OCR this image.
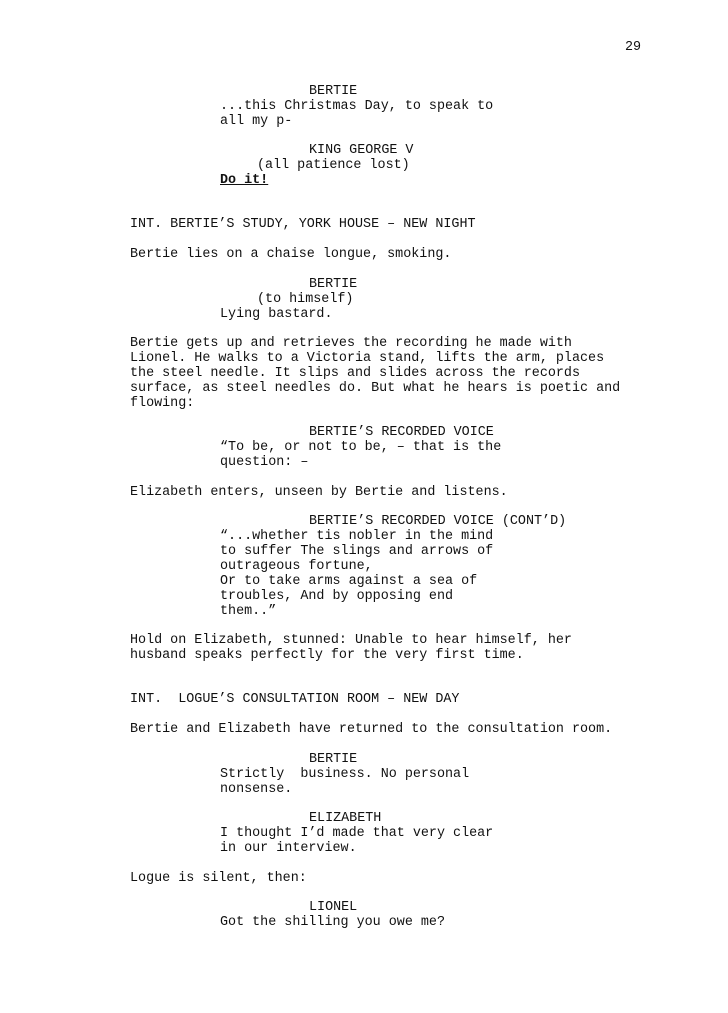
29
BERTIE
...this Christmas Day, to speak to
all my p-
KING GEORGE V
(all patience lost)
Do it!
INT. BERTIE’S STUDY, YORK HOUSE – NEW NIGHT
Bertie lies on a chaise longue, smoking.
BERTIE
(to himself)
Lying bastard.
Bertie gets up and retrieves the recording he made with
Lionel. He walks to a Victoria stand, lifts the arm, places
the steel needle. It slips and slides across the records
surface, as steel needles do. But what he hears is poetic and
flowing:
BERTIE’S RECORDED VOICE
“To be, or not to be, – that is the
question: –
Elizabeth enters, unseen by Bertie and listens.
BERTIE’S RECORDED VOICE (CONT’D)
“...whether tis nobler in the mind
to suffer The slings and arrows of
outrageous fortune,
Or to take arms against a sea of
troubles, And by opposing end
them..”
Hold on Elizabeth, stunned: Unable to hear himself, her
husband speaks perfectly for the very first time.
INT.  LOGUE’S CONSULTATION ROOM – NEW DAY
Bertie and Elizabeth have returned to the consultation room.
BERTIE
Strictly  business. No personal
nonsense.
ELIZABETH
I thought I’d made that very clear
in our interview.
Logue is silent, then:
LIONEL
Got the shilling you owe me?
